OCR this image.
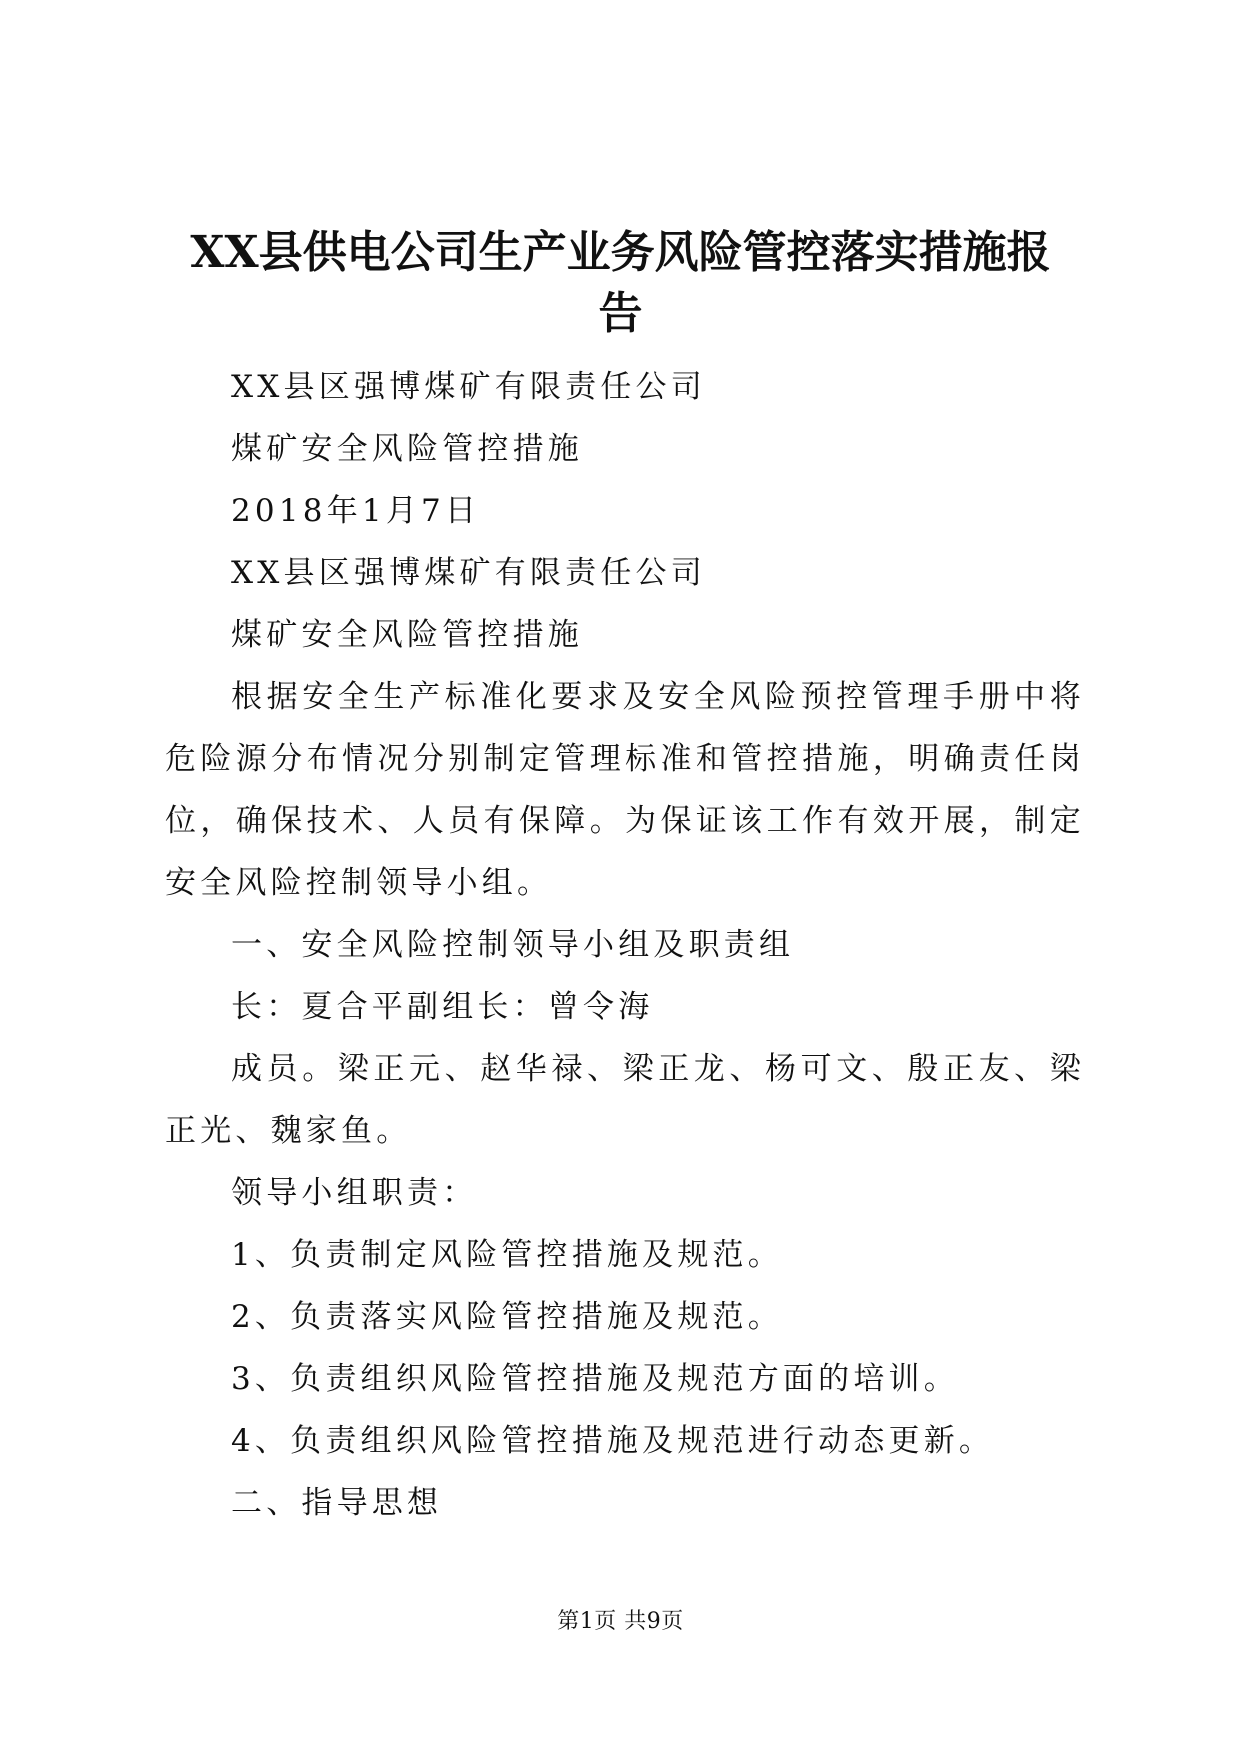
XX县供电公司生产业务风险管控落实措施报
告

XX县区强博煤矿有限责任公司

煤矿安全风险管控措施

2018年1月7日

XX县区强博煤矿有限责任公司

煤矿安全风险管控措施

根据安全生产标准化要求及安全风险预控管理手册中将危险源分布情况分别制定管理标准和管控措施，明确责任岗位，确保技术、人员有保障。为保证该工作有效开展，制定安全风险控制领导小组。

一、安全风险控制领导小组及职责组

长：夏合平副组长：曾令海

成员。梁正元、赵华禄、梁正龙、杨可文、殷正友、梁正光、魏家鱼。

领导小组职责：

1、负责制定风险管控措施及规范。

2、负责落实风险管控措施及规范。

3、负责组织风险管控措施及规范方面的培训。

4、负责组织风险管控措施及规范进行动态更新。

二、指导思想

第1页 共9页
